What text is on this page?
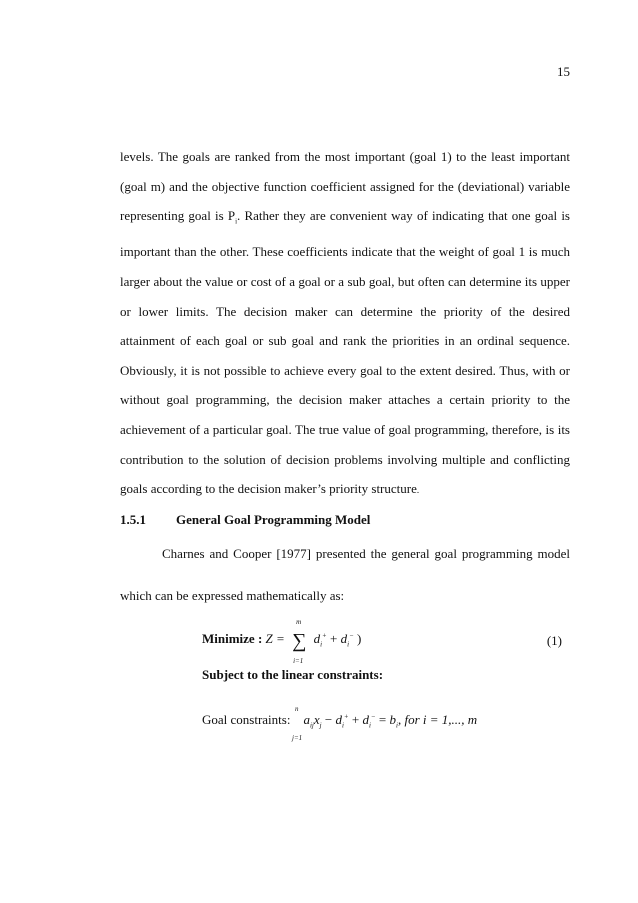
15

levels. The goals are ranked from the most important (goal 1) to the least important (goal m) and the objective function coefficient assigned for the (deviational) variable representing goal is $P_i$. Rather they are convenient way of indicating that one goal is important than the other. These coefficients indicate that the weight of goal 1 is much larger about the value or cost of a goal or a sub goal, but often can determine its upper or lower limits. The decision maker can determine the priority of the desired attainment of each goal or sub goal and rank the priorities in an ordinal sequence. Obviously, it is not possible to achieve every goal to the extent desired. Thus, with or without goal programming, the decision maker attaches a certain priority to the achievement of a particular goal. The true value of goal programming, therefore, is its contribution to the solution of decision problems involving multiple and conflicting goals according to the decision maker’s priority structure.

1.5.1 General Goal Programming Model

Charnes and Cooper [1977] presented the general goal programming model

which can be expressed mathematically as:

Minimize : Z = ∑
m
i=1
$d_i^+ + d_i^-$ )	(1)
Subject to the linear constraints:
n
j=1
Goal constraints:    $a_{ij}x_j - d_i^+ + d_i^- = b_i$, for i = 1,..., m
